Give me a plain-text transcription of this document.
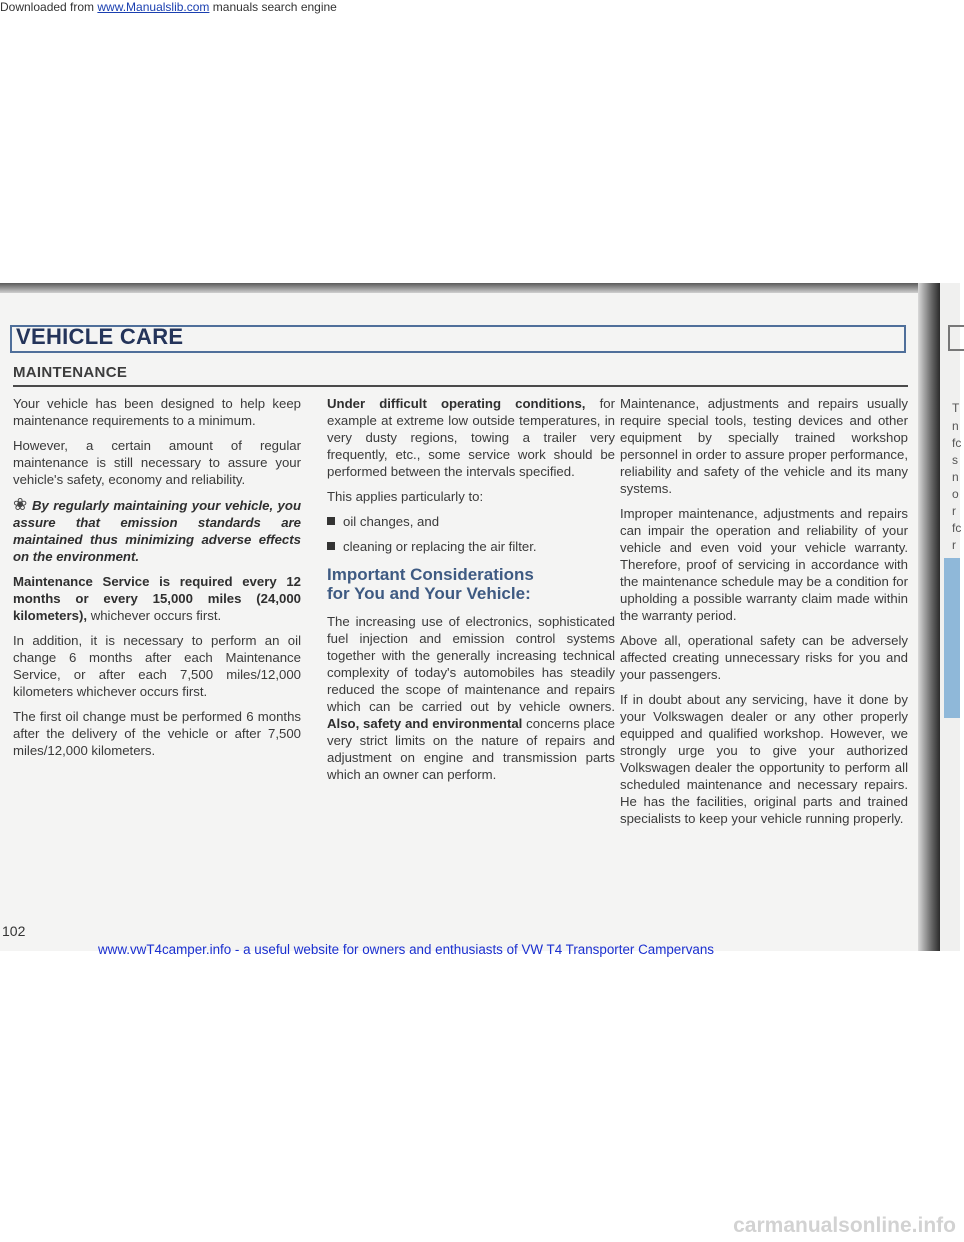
Downloaded from www.Manualslib.com manuals search engine
T
n
fc
s
n
o
r
fc
r
VEHICLE CARE
MAINTENANCE

Your vehicle has been designed to help keep maintenance requirements to a minimum.

However, a certain amount of regular maintenance is still necessary to assure your vehicle's safety, economy and reliability.

❀ By regularly maintaining your vehicle, you assure that emission standards are maintained thus minimizing adverse effects on the environment.

Maintenance Service is required every 12 months or every 15,000 miles (24,000 kilometers), whichever occurs first.

In addition, it is necessary to perform an oil change 6 months after each Maintenance Service, or after each 7,500 miles/12,000 kilometers whichever occurs first.

The first oil change must be performed 6 months after the delivery of the vehicle or after 7,500 miles/12,000 kilometers.

Under difficult operating conditions, for example at extreme low outside temperatures, in very dusty regions, towing a trailer very frequently, etc., some service work should be performed between the intervals specified.

This applies particularly to:

oil changes, and
cleaning or replacing the air filter.
Important Considerations
for You and Your Vehicle:

The increasing use of electronics, sophisticated fuel injection and emission control systems together with the generally increasing technical complexity of today's automobiles has steadily reduced the scope of maintenance and repairs which can be carried out by vehicle owners. Also, safety and environmental concerns place very strict limits on the nature of repairs and adjustment on engine and transmission parts which an owner can perform.

Maintenance, adjustments and repairs usually require special tools, testing devices and other equipment by specially trained workshop personnel in order to assure proper performance, reliability and safety of the vehicle and its many systems.

Improper maintenance, adjustments and repairs can impair the operation and reliability of your vehicle and even void your vehicle warranty. Therefore, proof of servicing in accordance with the maintenance schedule may be a condition for upholding a possible warranty claim made within the warranty period.

Above all, operational safety can be adversely affected creating unnecessary risks for you and your passengers.

If in doubt about any servicing, have it done by your Volkswagen dealer or any other properly equipped and qualified workshop. However, we strongly urge you to give your authorized Volkswagen dealer the opportunity to perform all scheduled maintenance and necessary repairs. He has the facilities, original parts and trained specialists to keep your vehicle running properly.

102
www.vwT4camper.info - a useful website for owners and enthusiasts of VW T4 Transporter Campervans
carmanualsonline.info
